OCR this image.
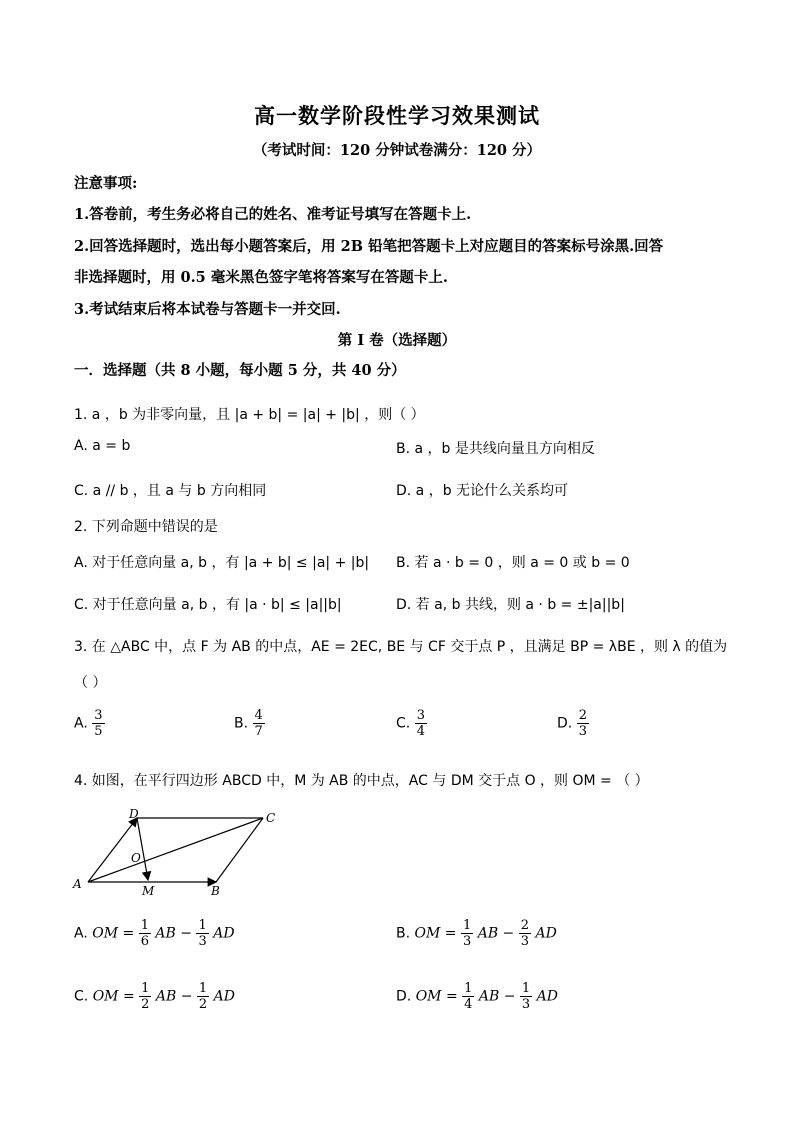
高一数学阶段性学习效果测试
（考试时间：120 分钟试卷满分：120 分）
注意事项:
1.答卷前，考生务必将自己的姓名、准考证号填写在答题卡上.
2.回答选择题时，选出每小题答案后，用 2B 铅笔把答题卡上对应题目的答案标号涂黑.回答
非选择题时，用 0.5 毫米黑色签字笔将答案写在答题卡上.
3.考试结束后将本试卷与答题卡一并交回.
第 I 卷（选择题）
一．选择题（共 8 小题，每小题 5 分，共 40 分）
1. a ，b 为非零向量，且 |a + b| = |a| + |b| ，则（ ）
A. a = b	B. a ，b 是共线向量且方向相反
C. a // b ，且 a 与 b 方向相同	D. a ，b 无论什么关系均可
2. 下列命题中错误的是
A. 对于任意向量 a, b ，有 |a + b| ≤ |a| + |b| B. 若 a · b = 0 ，则 a = 0 或 b = 0
C. 对于任意向量 a, b ，有 |a · b| ≤ |a||b|	D. 若 a, b 共线，则 a · b = ±|a||b|
3. 在 △ABC 中，点 F 为 AB 的中点，AE = 2EC, BE 与 CF 交于点 P ，且满足 BP = λBE ，则 λ 的值为
（ ）
A. $\frac{3}{5}$	B. $\frac{4}{7}$	C. $\frac{3}{4}$	D. $\frac{2}{3}$
4. 如图，在平行四边形 ABCD 中，M 为 AB 的中点，AC 与 DM 交于点 O ，则 OM = （ ）
D	C
A	B
M
O
A. OM = $\frac{1}{6}$ AB − $\frac{1}{3}$ AD	B. OM = $\frac{1}{3}$ AB − $\frac{2}{3}$ AD
C. OM = $\frac{1}{2}$ AB − $\frac{1}{2}$ AD	D. OM = $\frac{1}{4}$ AB − $\frac{1}{3}$ AD
